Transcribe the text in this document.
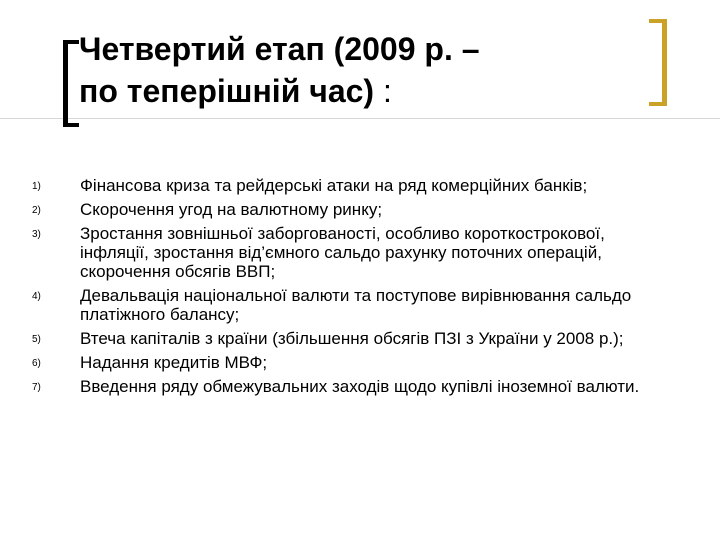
Четвертий етап (2009 р. –
по теперішній час) :
1) Фінансова криза та рейдерські атаки на ряд комерційних банків;
2) Скорочення угод на валютному ринку;
3) Зростання зовнішньої заборгованості, особливо короткострокової, інфляції, зростання від’ємного сальдо рахунку поточних операцій, скорочення обсягів ВВП;
4) Девальвація національної валюти та поступове вирівнювання сальдо платіжного балансу;
5) Втеча капіталів з країни (збільшення обсягів ПЗІ з України у 2008 р.);
6) Надання кредитів МВФ;
7) Введення ряду обмежувальних заходів щодо купівлі іноземної валюти.
